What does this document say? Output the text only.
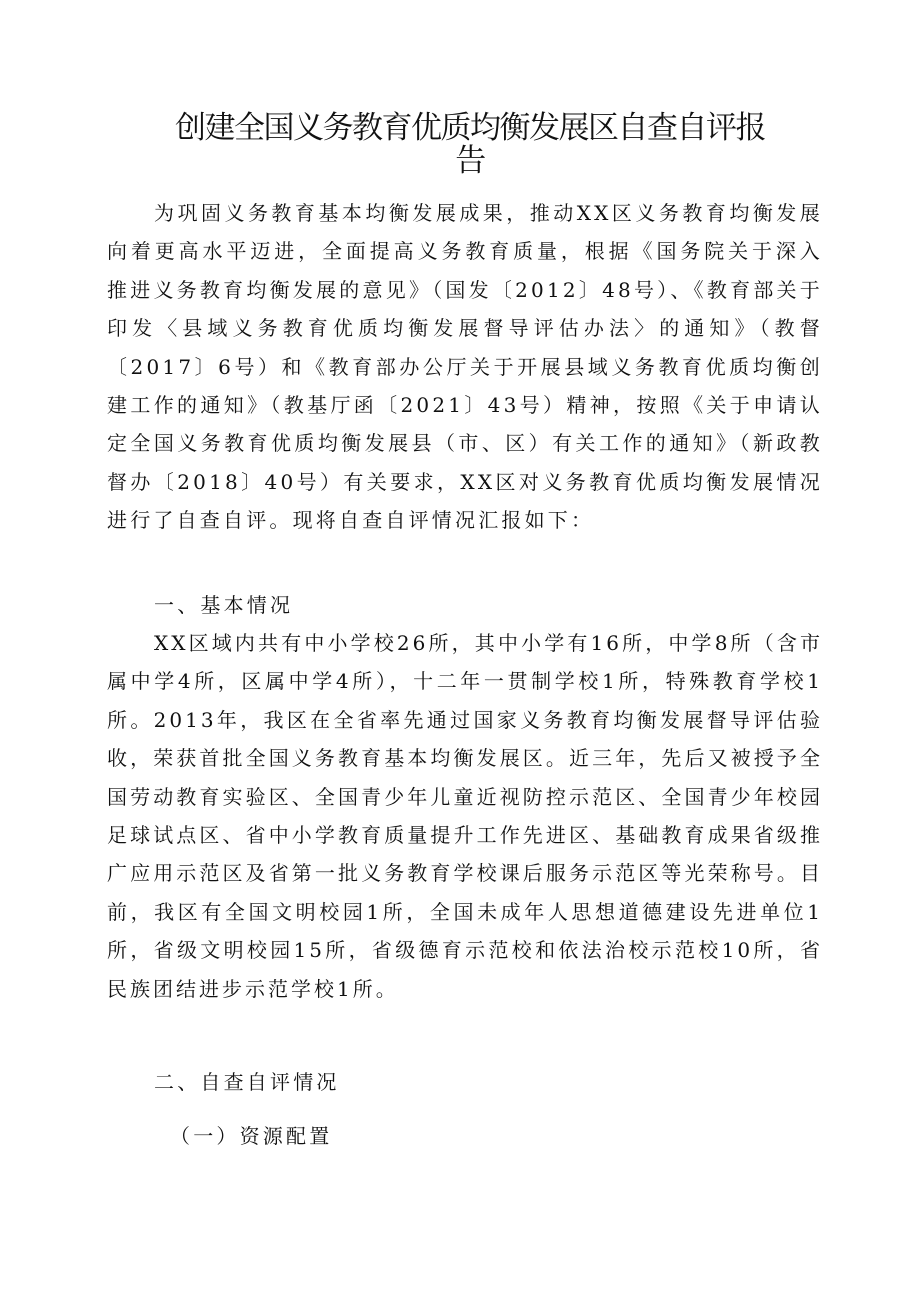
创建全国义务教育优质均衡发展区自查自评报
告

为巩固义务教育基本均衡发展成果，推动XX区义务教育均衡发展向着更高水平迈进，全面提高义务教育质量，根据《国务院关于深入推进义务教育均衡发展的意见》（国发〔2012〕48号）、《教育部关于印发〈县域义务教育优质均衡发展督导评估办法〉的通知》（教督〔2017〕6号）和《教育部办公厅关于开展县域义务教育优质均衡创建工作的通知》（教基厅函〔2021〕43号）精神，按照《关于申请认定全国义务教育优质均衡发展县（市、区）有关工作的通知》（新政教督办〔2018〕40号）有关要求，XX区对义务教育优质均衡发展情况进行了自查自评。现将自查自评情况汇报如下：

一、基本情况

XX区域内共有中小学校26所，其中小学有16所，中学8所（含市属中学4所，区属中学4所），十二年一贯制学校1所，特殊教育学校1所。2013年，我区在全省率先通过国家义务教育均衡发展督导评估验收，荣获首批全国义务教育基本均衡发展区。近三年，先后又被授予全国劳动教育实验区、全国青少年儿童近视防控示范区、全国青少年校园足球试点区、省中小学教育质量提升工作先进区、基础教育成果省级推广应用示范区及省第一批义务教育学校课后服务示范区等光荣称号。目前，我区有全国文明校园1所，全国未成年人思想道德建设先进单位1所，省级文明校园15所，省级德育示范校和依法治校示范校10所，省民族团结进步示范学校1所。

二、自查自评情况

（一）资源配置
